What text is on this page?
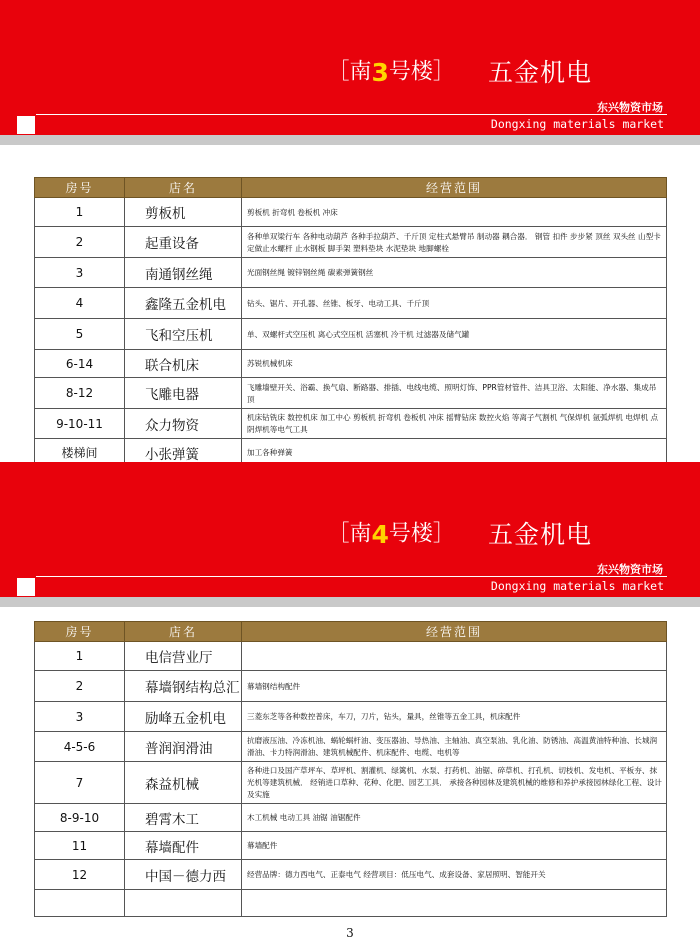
［南3号楼］ 五金机电
东兴物资市场
Dongxing materials market
房号	店名	经营范围
1	剪板机	剪板机 折弯机 卷板机 冲床
2	起重设备	各种单双梁行车 各种电动葫芦 各种手拉葫芦、千斤顶 定柱式悬臂吊 制动器 耦合器． 钢管 扣件 步步紧 顶丝 双头丝 山型卡 定做止水螺杆 止水钢板 脚手架 塑料垫块 水泥垫块 地脚螺栓
3	南通钢丝绳	光面钢丝绳 镀锌钢丝绳 碳素弹簧钢丝
4	鑫隆五金机电	钻头、锯片、开孔器、丝锥、板牙、电动工具、千斤顶
5	飞和空压机	单、双螺杆式空压机 离心式空压机 活塞机 冷干机 过滤器及储气罐
6-14	联合机床	苏锐机械机床
8-12	飞雕电器	飞雕墙壁开关、浴霸、换气扇、断路器、排插、电线电缆、照明灯饰、PPR管材管件、洁具卫浴、太阳能、净水器、集成吊顶
9-10-11	众力物资	机床钻铣床 数控机床 加工中心 剪板机 折弯机 卷板机 冲床 摇臂钻床 数控火焰 等离子气割机 气保焊机 氩弧焊机 电焊机 点阴焊机等电气工具
楼梯间	小张弹簧	加工各种弹簧
［南4号楼］ 五金机电
东兴物资市场
Dongxing materials market
房号	店名	经营范围
1	电信营业厅	
2	幕墙钢结构总汇	幕墙钢结构配件
3	励峰五金机电	三菱东芝等各种数控普床，车刀，刀片，钻头，量具，丝锥等五金工具，机床配件
4-5-6	普润润滑油	抗磨液压油、冷冻机油、蜗轮蜗杆油、变压器油、导热油、主轴油、真空泵油、乳化油、防锈油、高温黄油特种油、长城润滑油、卡力特润滑油、建筑机械配件、机床配件、电缆、电机等
7	森益机械	各种进口及国产草坪车、草坪机、割灌机、绿篱机、水泵、打药机、油锯、碎草机、打孔机、切枝机、发电机、平板夯、抹光机等建筑机械． 经销进口草种、花种、化肥、园艺工具． 承接各种园林及建筑机械的维修和养护承接园林绿化工程、设计及实施
8-9-10	碧霄木工	木工机械 电动工具 油锯 油锯配件
11	幕墙配件	幕墙配件
12	中国－德力西	经营品牌：德力西电气、正泰电气 经营项目：低压电气、成套设备、家居照明、智能开关

3
